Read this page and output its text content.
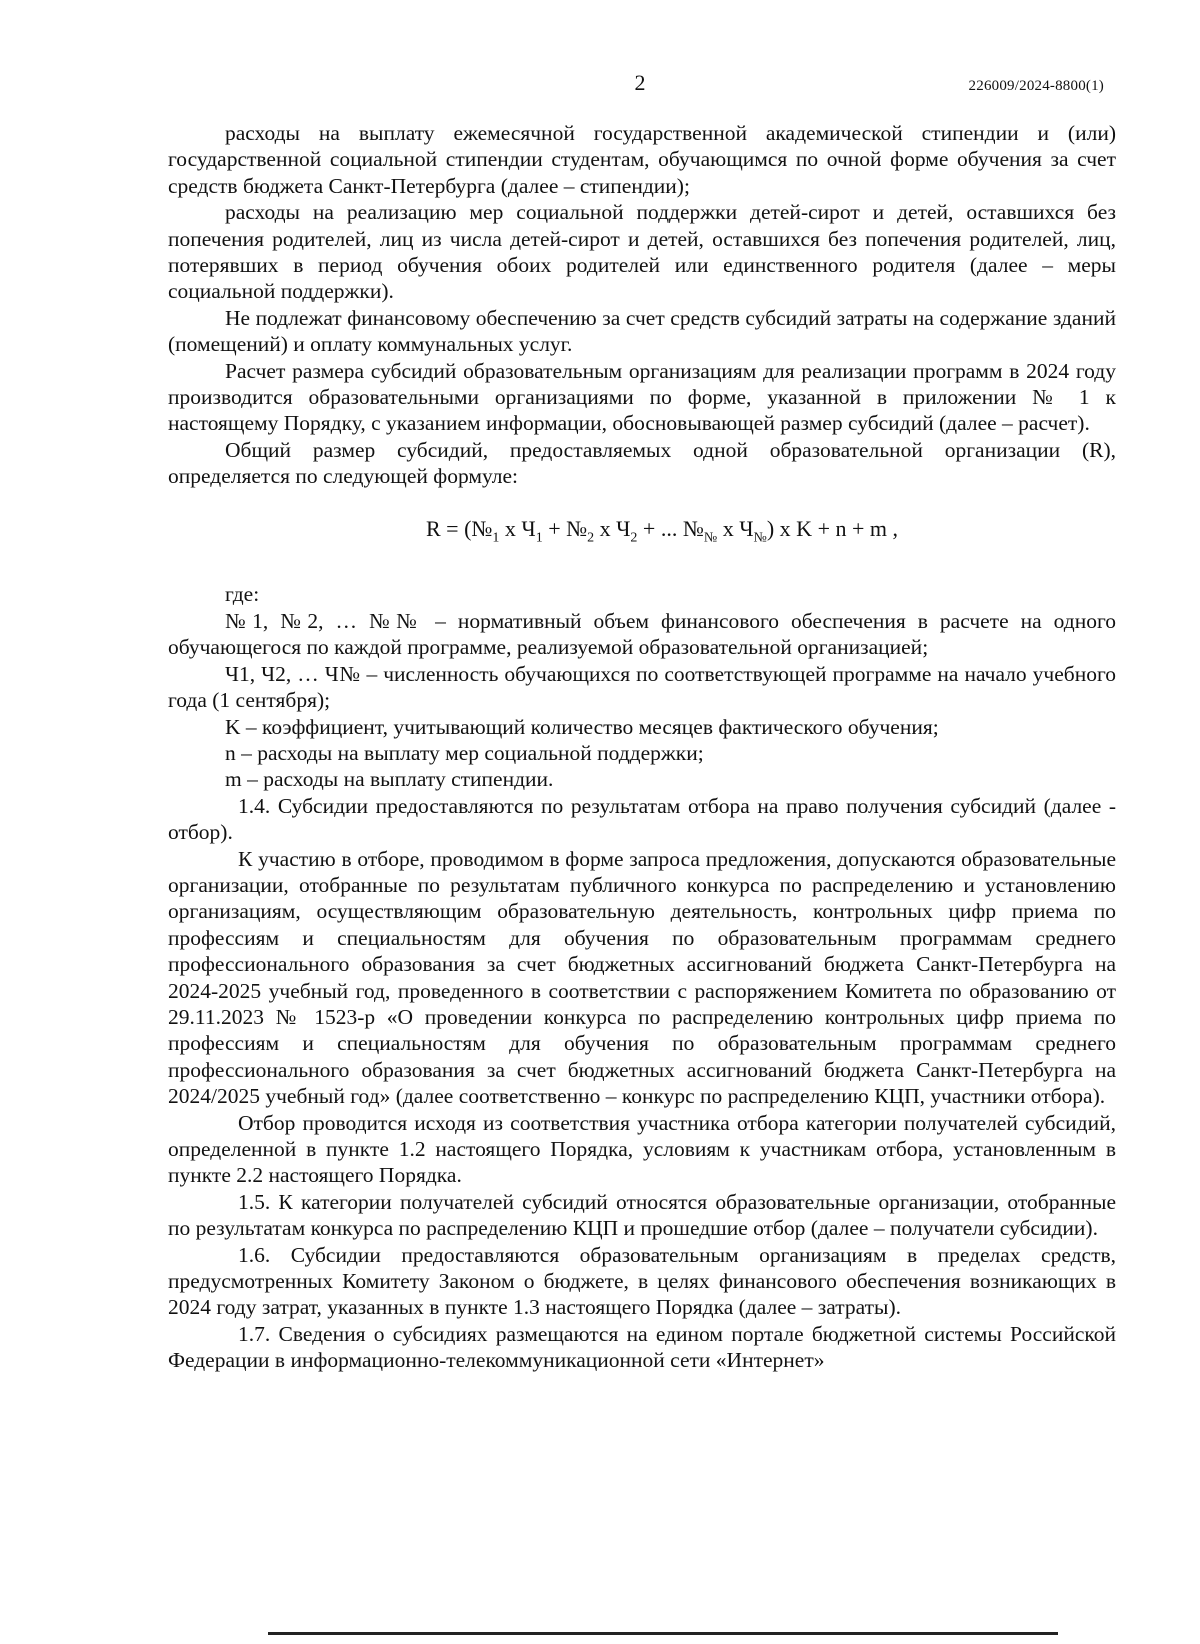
2	226009/2024-8800(1)

расходы на выплату ежемесячной государственной академической стипендии и (или) государственной социальной стипендии студентам, обучающимся по очной форме обучения за счет средств бюджета Санкт-Петербурга (далее – стипендии);

расходы на реализацию мер социальной поддержки детей-сирот и детей, оставшихся без попечения родителей, лиц из числа детей-сирот и детей, оставшихся без попечения родителей, лиц, потерявших в период обучения обоих родителей или единственного родителя (далее – меры социальной поддержки).

Не подлежат финансовому обеспечению за счет средств субсидий затраты на содержание зданий (помещений) и оплату коммунальных услуг.

Расчет размера субсидий образовательным организациям для реализации программ в 2024 году производится образовательными организациями по форме, указанной в приложении № 1 к настоящему Порядку, с указанием информации, обосновывающей размер субсидий (далее – расчет).

Общий размер субсидий, предоставляемых одной образовательной организации (R), определяется по следующей формуле:

$R = (№_1$ x $Ч_1$ + $№_2$ x $Ч_2$ + ... $№_№$ x $Ч_№$) x K + n + m ,

где:

№1, №2, … №№ – нормативный объем финансового обеспечения в расчете на одного обучающегося по каждой программе, реализуемой образовательной организацией;

Ч1, Ч2, … Ч№ – численность обучающихся по соответствующей программе на начало учебного года (1 сентября);

K – коэффициент, учитывающий количество месяцев фактического обучения;

n – расходы на выплату мер социальной поддержки;

m – расходы на выплату стипендии.

1.4. Субсидии предоставляются по результатам отбора на право получения субсидий (далее - отбор).

К участию в отборе, проводимом в форме запроса предложения, допускаются образовательные организации, отобранные по результатам публичного конкурса по распределению и установлению организациям, осуществляющим образовательную деятельность, контрольных цифр приема по профессиям и специальностям для обучения по образовательным программам среднего профессионального образования за счет бюджетных ассигнований бюджета Санкт-Петербурга на 2024-2025 учебный год, проведенного в соответствии с распоряжением Комитета по образованию от 29.11.2023 № 1523-р «О проведении конкурса по распределению контрольных цифр приема по профессиям и специальностям для обучения по образовательным программам среднего профессионального образования за счет бюджетных ассигнований бюджета Санкт-Петербурга на 2024/2025 учебный год» (далее соответственно – конкурс по распределению КЦП, участники отбора).

Отбор проводится исходя из соответствия участника отбора категории получателей субсидий, определенной в пункте 1.2 настоящего Порядка, условиям к участникам отбора, установленным в пункте 2.2 настоящего Порядка.

1.5. К категории получателей субсидий относятся образовательные организации, отобранные по результатам конкурса по распределению КЦП и прошедшие отбор (далее – получатели субсидии).

1.6. Субсидии предоставляются образовательным организациям в пределах средств, предусмотренных Комитету Законом о бюджете, в целях финансового обеспечения возникающих в 2024 году затрат, указанных в пункте 1.3 настоящего Порядка (далее – затраты).

1.7. Сведения о субсидиях размещаются на едином портале бюджетной системы Российской Федерации в информационно-телекоммуникационной сети «Интернет»
